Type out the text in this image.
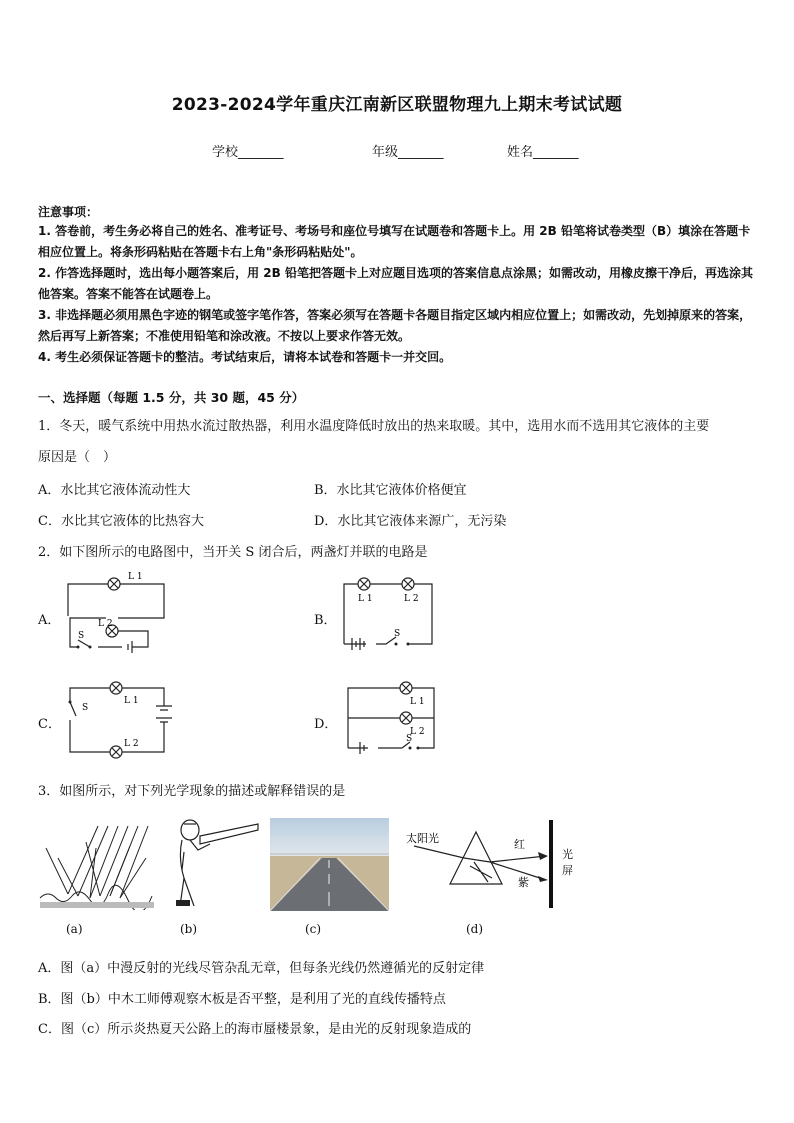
2023-2024学年重庆江南新区联盟物理九上期末考试试题
学校_______	年级_______	姓名_______
注意事项：
1. 答卷前，考生务必将自己的姓名、准考证号、考场号和座位号填写在试题卷和答题卡上。用 2B 铅笔将试卷类型（B）填涂在答题卡相应位置上。将条形码粘贴在答题卡右上角"条形码粘贴处"。
2. 作答选择题时，选出每小题答案后，用 2B 铅笔把答题卡上对应题目选项的答案信息点涂黑；如需改动，用橡皮擦干净后，再选涂其他答案。答案不能答在试题卷上。
3. 非选择题必须用黑色字迹的钢笔或签字笔作答，答案必须写在答题卡各题目指定区域内相应位置上；如需改动，先划掉原来的答案，然后再写上新答案；不准使用铅笔和涂改液。不按以上要求作答无效。
4. 考生必须保证答题卡的整洁。考试结束后，请将本试卷和答题卡一并交回。
一、选择题（每题 1.5 分，共 30 题，45 分）
1．冬天，暖气系统中用热水流过散热器，利用水温度降低时放出的热来取暖。其中，选用水而不选用其它液体的主要
原因是（　）
A．水比其它液体流动性大	B．水比其它液体价格便宜
C．水比其它液体的比热容大	D．水比其它液体来源广，无污染
2．如下图所示的电路图中，当开关 S 闭合后，两盏灯并联的电路是
A．	B．
C．	D．
L 1
L 2
S
L 1	L 2
S
S
L 1
L 2
L 1
L 2
S
3．如图所示，对下列光学现象的描述或解释错误的是
(a)	(b)	(c)
太阳光	红
紫
光
屏
(d)
A．图（a）中漫反射的光线尽管杂乱无章，但每条光线仍然遵循光的反射定律
B．图（b）中木工师傅观察木板是否平整，是利用了光的直线传播特点
C．图（c）所示炎热夏天公路上的海市蜃楼景象，是由光的反射现象造成的
